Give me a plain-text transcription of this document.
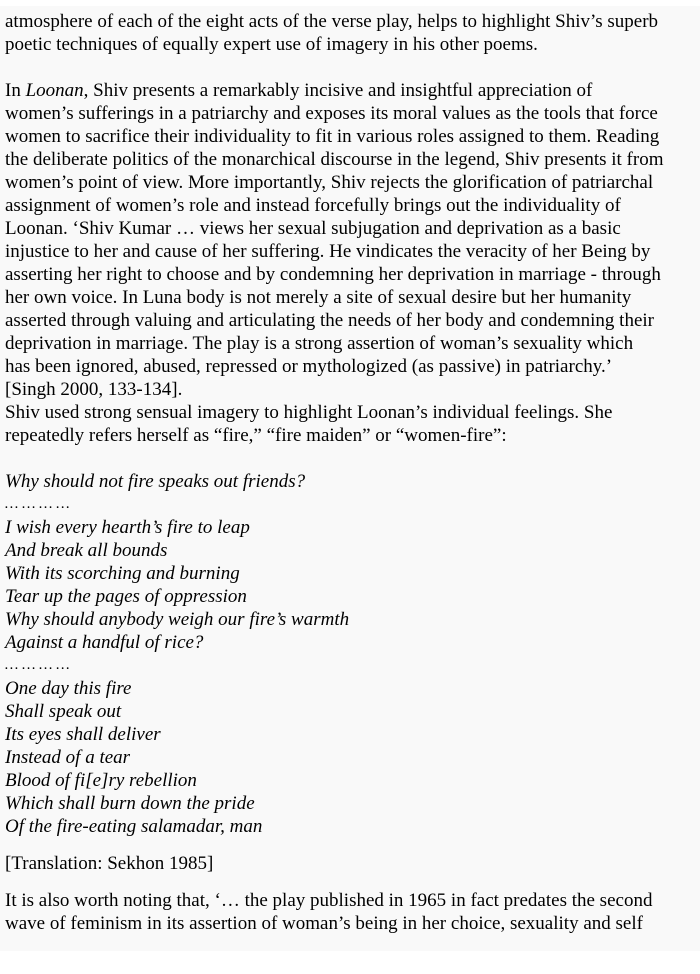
atmosphere of each of the eight acts of the verse play, helps to highlight Shiv’s superb
poetic techniques of equally expert use of imagery in his other poems.
In Loonan, Shiv presents a remarkably incisive and insightful appreciation of
women’s sufferings in a patriarchy and exposes its moral values as the tools that force
women to sacrifice their individuality to fit in various roles assigned to them. Reading
the deliberate politics of the monarchical discourse in the legend, Shiv presents it from
women’s point of view. More importantly, Shiv rejects the glorification of patriarchal
assignment of women’s role and instead forcefully brings out the individuality of
Loonan. ‘Shiv Kumar … views her sexual subjugation and deprivation as a basic
injustice to her and cause of her suffering. He vindicates the veracity of her Being by
asserting her right to choose and by condemning her deprivation in marriage - through
her own voice. In Luna body is not merely a site of sexual desire but her humanity
asserted through valuing and articulating the needs of her body and condemning their
deprivation in marriage. The play is a strong assertion of woman’s sexuality which
has been ignored, abused, repressed or mythologized (as passive) in patriarchy.’
[Singh 2000, 133-134].
Shiv used strong sensual imagery to highlight Loonan’s individual feelings. She
repeatedly refers herself as “fire,” “fire maiden” or “women-fire”:
Why should not fire speaks out friends?
… … … …
I wish every hearth’s fire to leap
And break all bounds
With its scorching and burning
Tear up the pages of oppression
Why should anybody weigh our fire’s warmth
Against a handful of rice?
… … … …
One day this fire
Shall speak out
Its eyes shall deliver
Instead of a tear
Blood of fi[e]ry rebellion
Which shall burn down the pride
Of the fire-eating salamadar, man
[Translation: Sekhon 1985]
It is also worth noting that, ‘… the play published in 1965 in fact predates the second
wave of feminism in its assertion of woman’s being in her choice, sexuality and self
